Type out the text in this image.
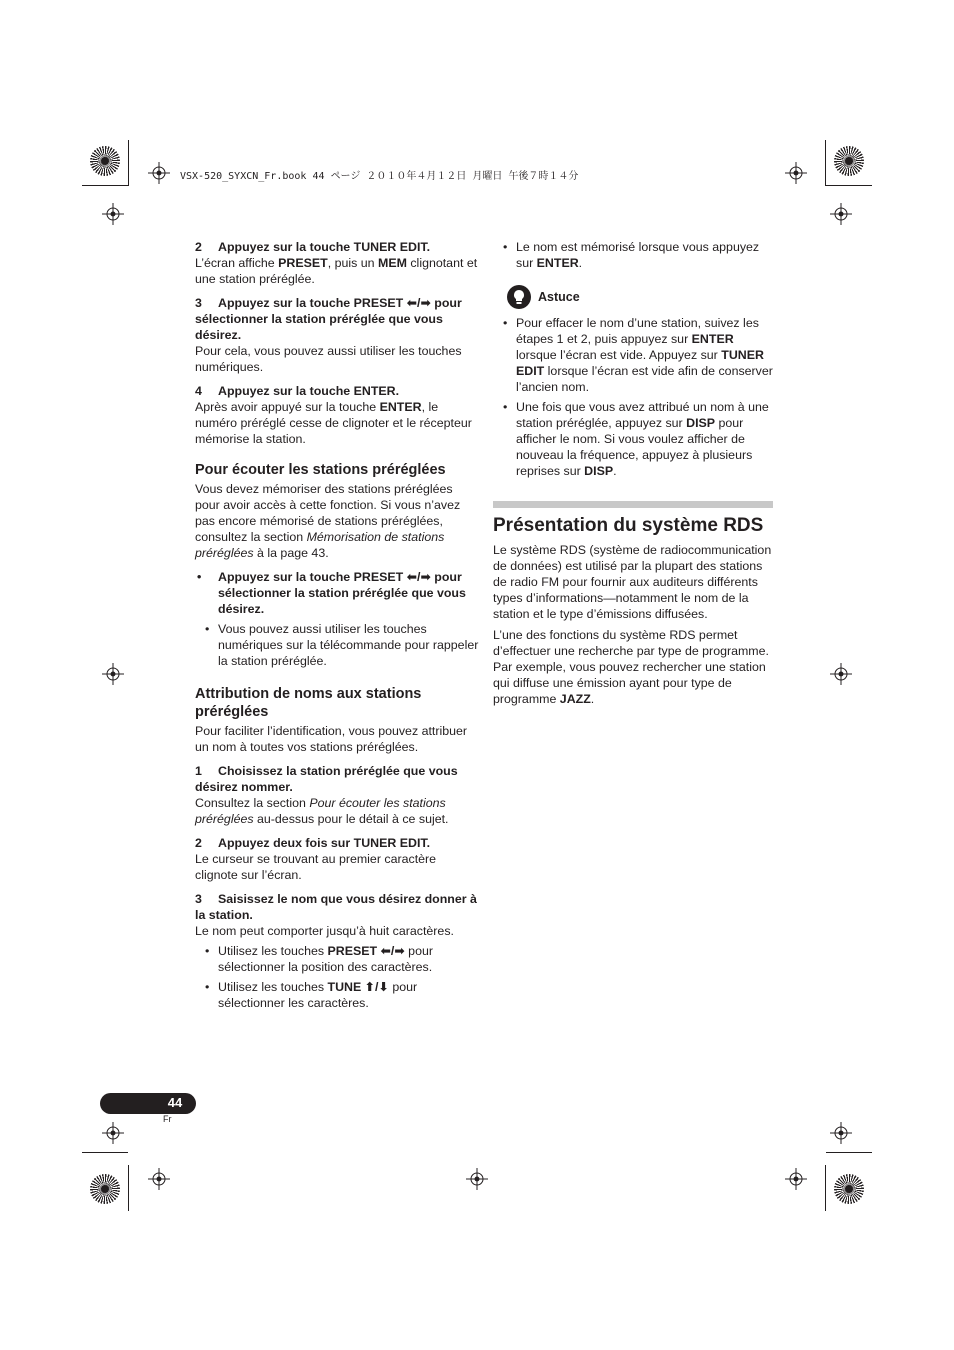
VSX-520_SYXCN_Fr.book 44 ページ ２０１０年４月１２日 月曜日 午後７時１４分
2 Appuyez sur la touche TUNER EDIT.

L’écran affiche PRESET, puis un MEM clignotant et une station préréglée.

3 Appuyez sur la touche PRESET ⬅/➡ pour sélectionner la station préréglée que vous désirez.

Pour cela, vous pouvez aussi utiliser les touches numériques.

4 Appuyez sur la touche ENTER.

Après avoir appuyé sur la touche ENTER, le numéro préréglé cesse de clignoter et le récepteur mémorise la station.

Pour écouter les stations préréglées

Vous devez mémoriser des stations préréglées pour avoir accès à cette fonction. Si vous n’avez pas encore mémorisé de stations préréglées, consultez la section Mémorisation de stations préréglées à la page 43.

• Appuyez sur la touche PRESET ⬅/➡ pour sélectionner la station préréglée que vous désirez.
• Vous pouvez aussi utiliser les touches numériques sur la télécommande pour rappeler la station préréglée.
Attribution de noms aux stations préréglées

Pour faciliter l’identification, vous pouvez attribuer un nom à toutes vos stations préréglées.

1 Choisissez la station préréglée que vous désirez nommer.

Consultez la section Pour écouter les stations préréglées au-dessus pour le détail à ce sujet.

2 Appuyez deux fois sur TUNER EDIT.

Le curseur se trouvant au premier caractère clignote sur l’écran.

3 Saisissez le nom que vous désirez donner à la station.

Le nom peut comporter jusqu’à huit caractères.

• Utilisez les touches PRESET ⬅/➡ pour sélectionner la position des caractères.
• Utilisez les touches TUNE ⬆/⬇ pour sélectionner les caractères.
• Le nom est mémorisé lorsque vous appuyez sur ENTER.
Astuce
• Pour effacer le nom d’une station, suivez les étapes 1 et 2, puis appuyez sur ENTER lorsque l’écran est vide. Appuyez sur TUNER EDIT lorsque l’écran est vide afin de conserver l’ancien nom.
• Une fois que vous avez attribué un nom à une station préréglée, appuyez sur DISP pour afficher le nom. Si vous voulez afficher de nouveau la fréquence, appuyez à plusieurs reprises sur DISP.
Présentation du système RDS

Le système RDS (système de radiocommunication de données) est utilisé par la plupart des stations de radio FM pour fournir aux auditeurs différents types d’informations—notamment le nom de la station et le type d’émissions diffusées.

L’une des fonctions du système RDS permet d’effectuer une recherche par type de programme. Par exemple, vous pouvez rechercher une station qui diffuse une émission ayant pour type de programme JAZZ.

44
Fr
